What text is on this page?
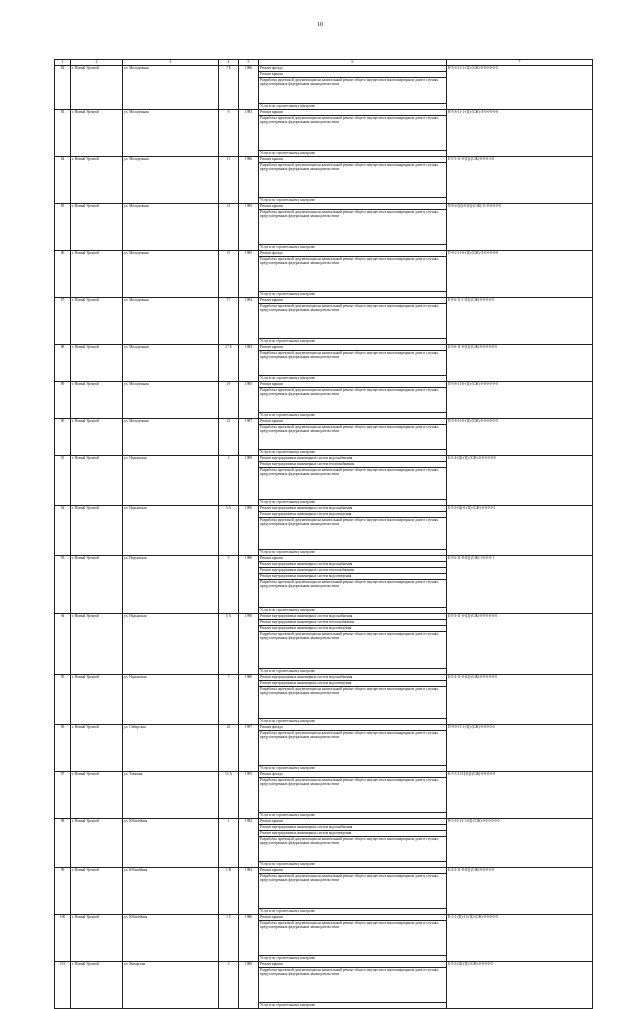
10
1	2	3	4	5	6	7
82	г. Новый Уренгой	ул. Молодежная	7 Е	1986	Ремонт фасада	Н-5-4-11-1-(Ц)-(СЖ)-0-0-0-0-0-0
					Ремонт крыши	
					Разработка проектной документации на капитальный ремонт общего имущества в многоквартирном доме в случаях, предусмотренных федеральным законодательством	
					Услуги по строительному контролю	
83	г. Новый Уренгой	ул. Молодежная	9	1983	Ремонт крыши	Н-5-6-11-1-(Ц)-(СЖ)-Л-0-0-0-0-0
					Разработка проектной документации на капитальный ремонт общего имущества в многоквартирном доме в случаях, предусмотренных федеральным законодательством	
					Услуги по строительному контролю	
84	г. Новый Уренгой	ул. Молодежная	11	1986	Ремонт крыши	Б-5-5-11-0-(Ц)-(СЖ)-0-0-0-3-0
					Разработка проектной документации на капитальный ремонт общего имущества в многоквартирном доме в случаях, предусмотренных федеральным законодательством	
					Услуги по строительному контролю	
85	г. Новый Уренгой	ул. Молодежная	13	1985	Ремонт крыши	П-9-4-(Ц)-0-(Ц)-(СЖ)-11-0-0-0-0-0
					Разработка проектной документации на капитальный ремонт общего имущества в многоквартирном доме в случаях, предусмотренных федеральным законодательством	
					Услуги по строительному контролю	
86	г. Новый Уренгой	ул. Молодежная	15	1985	Ремонт фасада	П-9-2-11-0-(Ц)-(СЖ)-Л-0-0-0-0-0
					Разработка проектной документации на капитальный ремонт общего имущества в многоквартирном доме в случаях, предусмотренных федеральным законодательством	
					Услуги по строительному контролю	
87	г. Новый Уренгой	ул. Молодежная	17	1984	Ремонт крыши	Б-9-6-11-1-(Ц)-(СЖ)-0-0-0-0-0
					Разработка проектной документации на капитальный ремонт общего имущества в многоквартирном доме в случаях, предусмотренных федеральным законодательством	
					Услуги по строительному контролю	
88	г. Новый Уренгой	ул. Молодежная	17 Е	1983	Ремонт крыши	Б-5-6-11-0-(Ц)-(СЖ)-0-0-0-0-0-0
					Разработка проектной документации на капитальный ремонт общего имущества в многоквартирном доме в случаях, предусмотренных федеральным законодательством	
					Услуги по строительному контролю	
89	г. Новый Уренгой	ул. Молодежная	19	1985	Ремонт крыши	П-5-6-11-0-(Ц)-(СЖ)-0-0-0-0-0-0
					Разработка проектной документации на капитальный ремонт общего имущества в многоквартирном доме в случаях, предусмотренных федеральным законодательством	
					Услуги по строительному контролю	
90	г. Новый Уренгой	ул. Молодежная	21	1987	Ремонт крыши	П-5-6-11-0-(Ц)-(СЖ)-0-0-0-0-0-0
					Разработка проектной документации на капитальный ремонт общего имущества в многоквартирном доме в случаях, предусмотренных федеральным законодательством	
					Услуги по строительному контролю	
91	г. Новый Уренгой	ул. Надымская	3	1989	Ремонт внутридомовых инженерных систем водоснабжения	Б-5-4-(Ц)-(Ц)-(СЖ)-0-0-0-0-0-0
					Ремонт внутридомовых инженерных систем теплоснабжения	
					Разработка проектной документации на капитальный ремонт общего имущества в многоквартирном доме в случаях, предусмотренных федеральным законодательством	
					Услуги по строительному контролю	
92	г. Новый Уренгой	ул. Надымская	5 А	1990	Ремонт внутридомовых инженерных систем водоснабжения	Б-5-5-(Ц)-0-(Ц)-(СЖ)-0-0-0-0-1
					Ремонт внутридомовых инженерных систем водоотведения	
					Разработка проектной документации на капитальный ремонт общего имущества в многоквартирном доме в случаях, предусмотренных федеральным законодательством	
					Услуги по строительному контролю	
93	г. Новый Уренгой	ул. Надымская	5	1980	Ремонт крыши	Б-5-6-11-0-(Ц)-(СЖ)-1-0-0-0-1
					Ремонт внутридомовых инженерных систем водоснабжения	
					Ремонт внутридомовых инженерных систем теплоснабжения	
					Ремонт внутридомовых инженерных систем водоотведения	
					Разработка проектной документации на капитальный ремонт общего имущества в многоквартирном доме в случаях, предусмотренных федеральным законодательством	
					Услуги по строительному контролю	
94	г. Новый Уренгой	ул. Надымская	5 А	1990	Ремонт внутридомовых инженерных систем водоснабжения	Б-5-3-11-0-(Ц)-(СЖ)-0-0-0-0-0-0
					Ремонт внутридомовых инженерных систем теплоснабжения	
					Ремонт внутридомовых инженерных систем водоотведения	
					Разработка проектной документации на капитальный ремонт общего имущества в многоквартирном доме в случаях, предусмотренных федеральным законодательством	
					Услуги по строительному контролю	
95	г. Новый Уренгой	ул. Надымская	7	1980	Ремонт внутридомовых инженерных систем водоснабжения	Б-5-4-11-0-(Ц)-(СЖ)-0-0-0-0-0-0
					Ремонт внутридомовых инженерных систем водоотведения	
					Разработка проектной документации на капитальный ремонт общего имущества в многоквартирном доме в случаях, предусмотренных федеральным законодательством	
					Услуги по строительному контролю	
96	г. Новый Уренгой	ул. Сибирская	25	1997	Ремонт фасада	П-9-0-11-1-(Ц)-(СЖ)-0-0-0-0-0
					Разработка проектной документации на капитальный ремонт общего имущества в многоквартирном доме в случаях, предусмотренных федеральным законодательством	
					Услуги по строительному контролю	
97	г. Новый Уренгой	ул. Таёжная	13 А	1995	Ремонт фасада	К-5-3-11-Ц-(Ц)-(СЖ)-0-0-0-0-0
					Разработка проектной документации на капитальный ремонт общего имущества в многоквартирном доме в случаях, предусмотренных федеральным законодательством	
					Услуги по строительному контролю	
98	г. Новый Уренгой	ул. Юбилейная	1	1982	Ремонт крыши	Н-3-10-11-1-(Ц)-(СЖ)-0-0-0-0-0-0
					Ремонт внутридомовых инженерных систем водоснабжения	
					Ремонт внутридомовых инженерных систем водоотведения	
					Разработка проектной документации на капитальный ремонт общего имущества в многоквартирном доме в случаях, предусмотренных федеральным законодательством	
					Услуги по строительному контролю	
99	г. Новый Уренгой	ул. Юбилейная	1 В	1984	Ремонт крыши	Б-3-2-11-0-(Ц)-(СЖ)-0-0-0-0-0
					Разработка проектной документации на капитальный ремонт общего имущества в многоквартирном доме в случаях, предусмотренных федеральным законодательством	
					Услуги по строительному контролю	
100	г. Новый Уренгой	ул. Юбилейная	1 Г	1986	Ремонт крыши	К-5-1-(Ц)-11-(Ц)-(СЖ)-0-0-0-0-0
					Разработка проектной документации на капитальный ремонт общего имущества в многоквартирном доме в случаях, предусмотренных федеральным законодательством	
					Услуги по строительному контролю	
101	г. Новый Уренгой	ул. Янтарская	3	1989	Ремонт крыши	Б-5-5-(Ц)-(Ц)-(СЖ)-0-0-0-0-0
					Разработка проектной документации на капитальный ремонт общего имущества в многоквартирном доме в случаях, предусмотренных федеральным законодательством	
					Услуги по строительному контролю	
